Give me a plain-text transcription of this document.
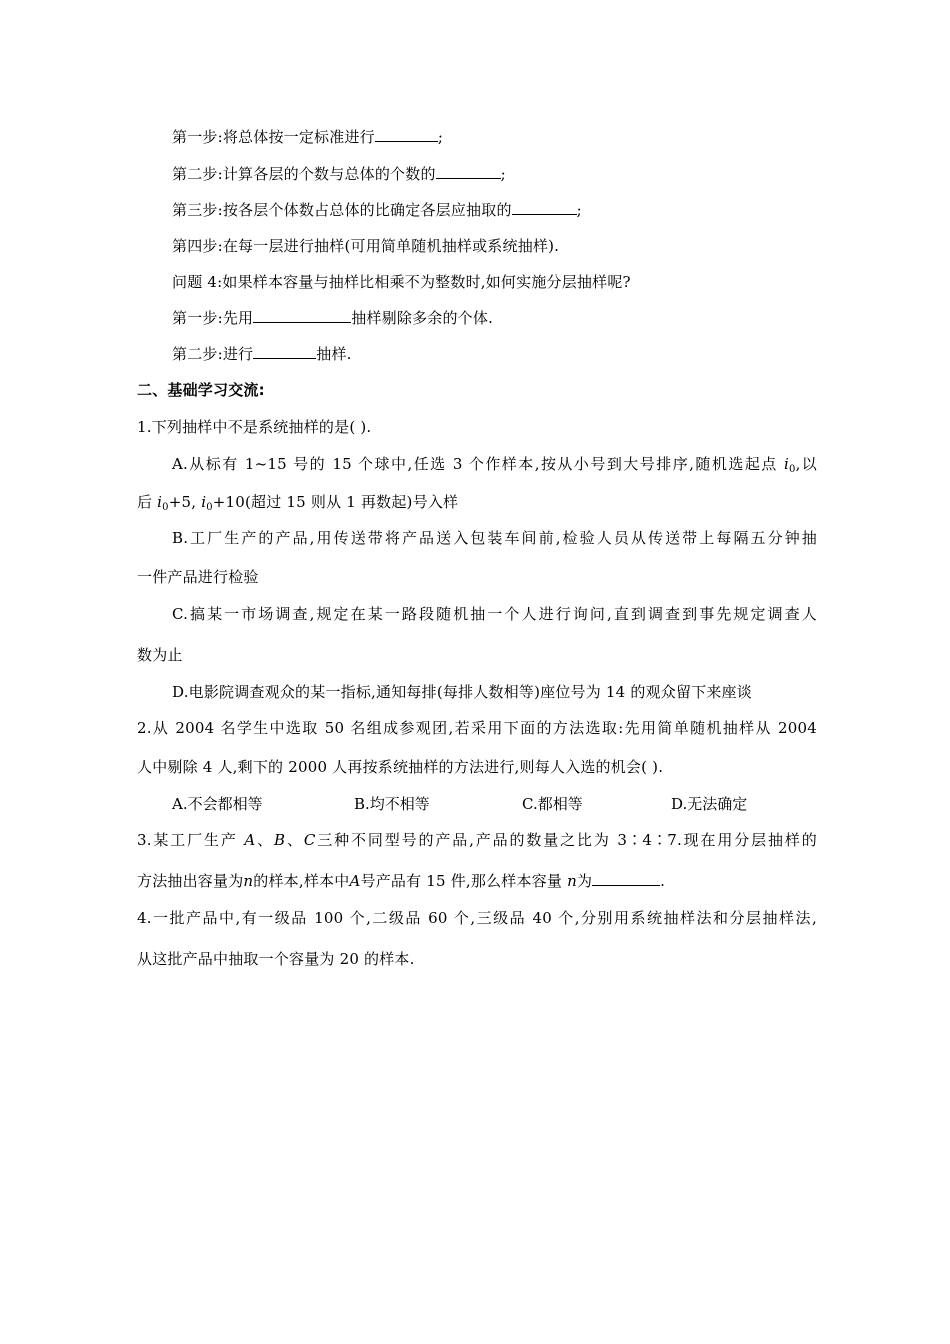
第一步:将总体按一定标准进行	;
第二步:计算各层的个数与总体的个数的	;
第三步:按各层个体数占总体的比确定各层应抽取的	;
第四步:在每一层进行抽样(可用简单随机抽样或系统抽样).
问题 4:如果样本容量与抽样比相乘不为整数时,如何实施分层抽样呢?
第一步:先用	抽样剔除多余的个体.
第二步:进行	抽样.
二、基础学习交流:
1.下列抽样中不是系统抽样的是( ).
A.从标有 1~15 号的 15 个球中,任选 3 个作样本,按从小号到大号排序,随机选起点 $i_0$,以
后 $i_0+5$, $i_0+10$(超过 15 则从 1 再数起)号入样
B.工厂生产的产品,用传送带将产品送入包装车间前,检验人员从传送带上每隔五分钟抽
一件产品进行检验
C.搞某一市场调查,规定在某一路段随机抽一个人进行询问,直到调查到事先规定调查人
数为止
D.电影院调查观众的某一指标,通知每排(每排人数相等)座位号为 14 的观众留下来座谈
2.从 2004 名学生中选取 50 名组成参观团,若采用下面的方法选取:先用简单随机抽样从 2004
人中剔除 4 人,剩下的 2000 人再按系统抽样的方法进行,则每人入选的机会( ).
A.不会都相等	B.均不相等	C.都相等	D.无法确定
3.某工厂生产 A、B、C三种不同型号的产品,产品的数量之比为 3∶4∶7.现在用分层抽样的
方法抽出容量为n的样本,样本中A号产品有 15 件,那么样本容量 n为	.
4.一批产品中,有一级品 100 个,二级品 60 个,三级品 40 个,分别用系统抽样法和分层抽样法,
从这批产品中抽取一个容量为 20 的样本.
